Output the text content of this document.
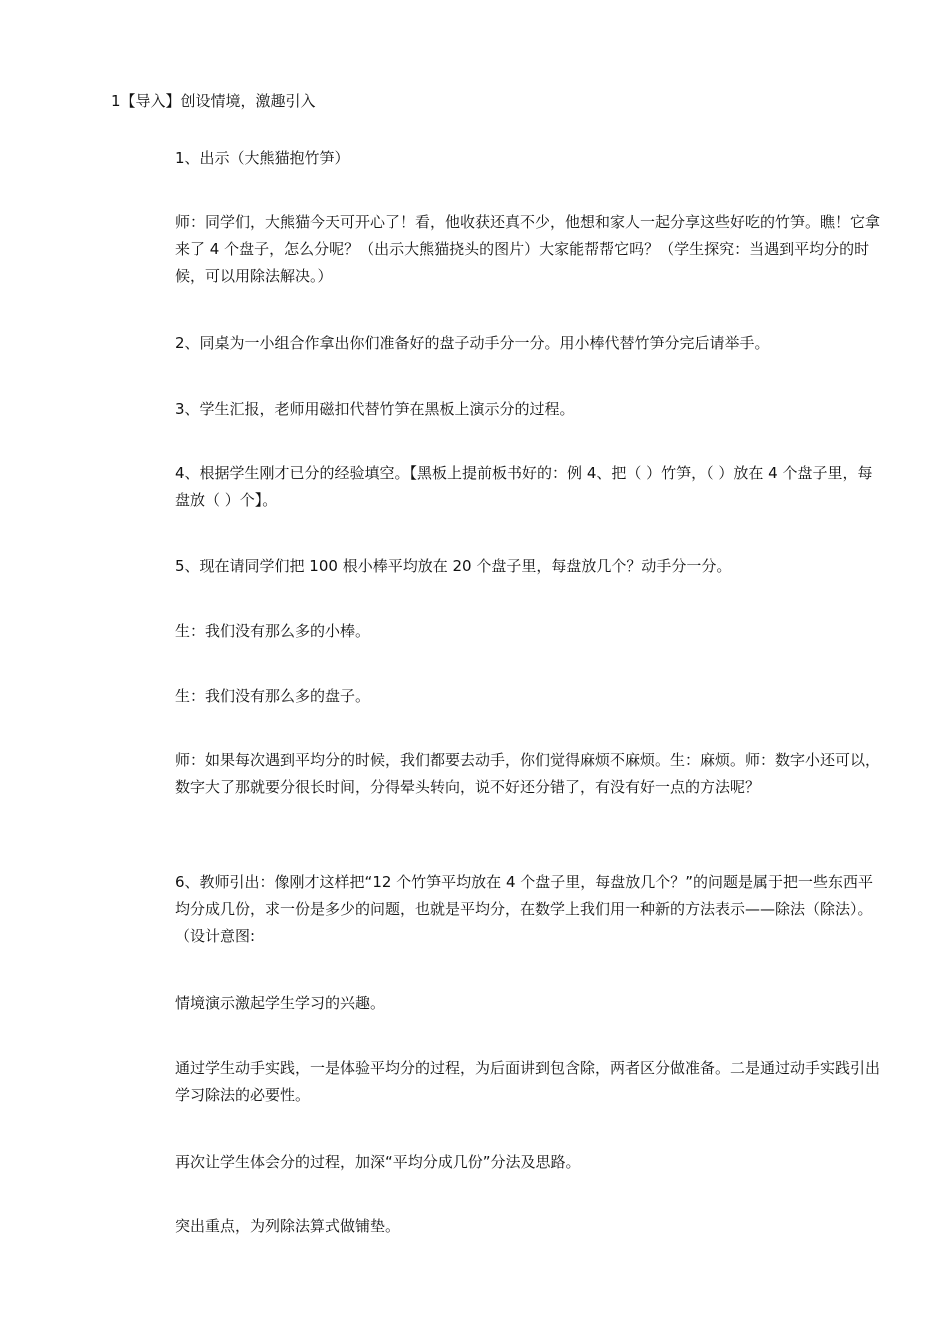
1【导入】创设情境，激趣引入

1、出示（大熊猫抱竹笋）

师：同学们，大熊猫今天可开心了！看，他收获还真不少，他想和家人一起分享这些好吃的竹笋。瞧！它拿来了 4 个盘子，怎么分呢？（出示大熊猫挠头的图片）大家能帮帮它吗？（学生探究：当遇到平均分的时候，可以用除法解决。）

2、同桌为一小组合作拿出你们准备好的盘子动手分一分。用小棒代替竹笋分完后请举手。

3、学生汇报，老师用磁扣代替竹笋在黑板上演示分的过程。

4、根据学生刚才已分的经验填空。【黑板上提前板书好的：例 4、把（ ）竹笋，（ ）放在 4 个盘子里，每盘放（ ）个】。

5、现在请同学们把 100 根小棒平均放在 20 个盘子里，每盘放几个？动手分一分。

生：我们没有那么多的小棒。

生：我们没有那么多的盘子。

师：如果每次遇到平均分的时候，我们都要去动手，你们觉得麻烦不麻烦。生：麻烦。师：数字小还可以，数字大了那就要分很长时间，分得晕头转向，说不好还分错了，有没有好一点的方法呢？

6、教师引出：像刚才这样把“12 个竹笋平均放在 4 个盘子里，每盘放几个？”的问题是属于把一些东西平均分成几份，求一份是多少的问题，也就是平均分，在数学上我们用一种新的方法表示——除法（除法）。（设计意图:

情境演示激起学生学习的兴趣。

通过学生动手实践，一是体验平均分的过程，为后面讲到包含除，两者区分做准备。二是通过动手实践引出学习除法的必要性。

再次让学生体会分的过程，加深“平均分成几份”分法及思路。

突出重点，为列除法算式做铺垫。
